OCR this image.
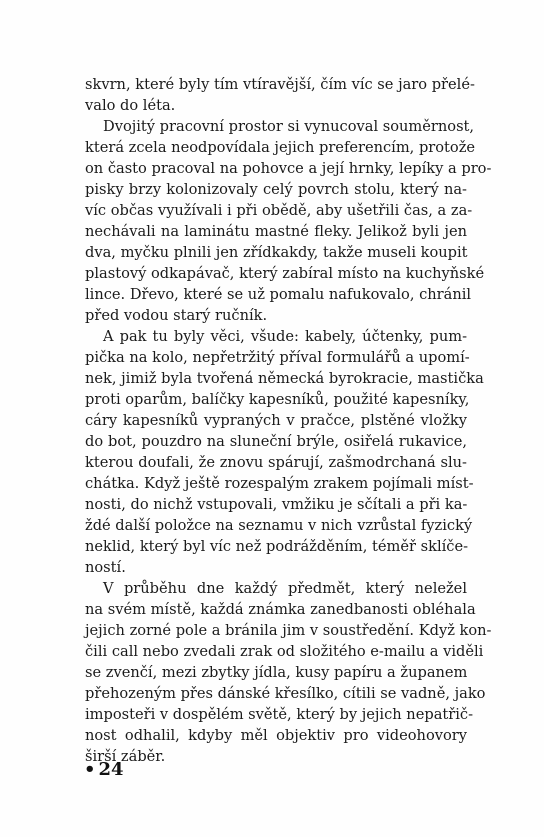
skvrn, které byly tím vtíravější, čím víc se jaro přelé-
valo do léta.
Dvojitý pracovní prostor si vynucoval souměrnost,
která zcela neodpovídala jejich preferencím, protože
on často pracoval na pohovce a její hrnky, lepíky a pro-
pisky brzy kolonizovaly celý povrch stolu, který na-
víc občas využívali i při obědě, aby ušetřili čas, a za-
nechávali na laminátu mastné fleky. Jelikož byli jen
dva, myčku plnili jen zřídkakdy, takže museli koupit
plastový odkapávač, který zabíral místo na kuchyňské
lince. Dřevo, které se už pomalu nafukovalo, chránil
před vodou starý ručník.
A pak tu byly věci, všude: kabely, účtenky, pum-
pička na kolo, nepřetržitý příval formulářů a upomí-
nek, jimiž byla tvořená německá byrokracie, mastička
proti oparům, balíčky kapesníků, použité kapesníky,
cáry kapesníků vypraných v pračce, plstěné vložky
do bot, pouzdro na sluneční brýle, osiřelá rukavice,
kterou doufali, že znovu spárují, zašmodrchaná slu-
chátka. Když ještě rozespalým zrakem pojímali míst-
nosti, do nichž vstupovali, vmžiku je sčítali a při ka-
ždé další položce na seznamu v nich vzrůstal fyzický
neklid, který byl víc než podrážděním, téměř sklíče-
ností.
V průběhu dne každý předmět, který neležel
na svém místě, každá známka zanedbanosti obléhala
jejich zorné pole a bránila jim v soustředění. Když kon-
čili call nebo zvedali zrak od složitého e-mailu a viděli
se zvenčí, mezi zbytky jídla, kusy papíru a županem
přehozeným přes dánské křesílko, cítili se vadně, jako
imposteři v dospělém světě, který by jejich nepatřič-
nost odhalil, kdyby měl objektiv pro videohovory
širší záběr.
• 24
